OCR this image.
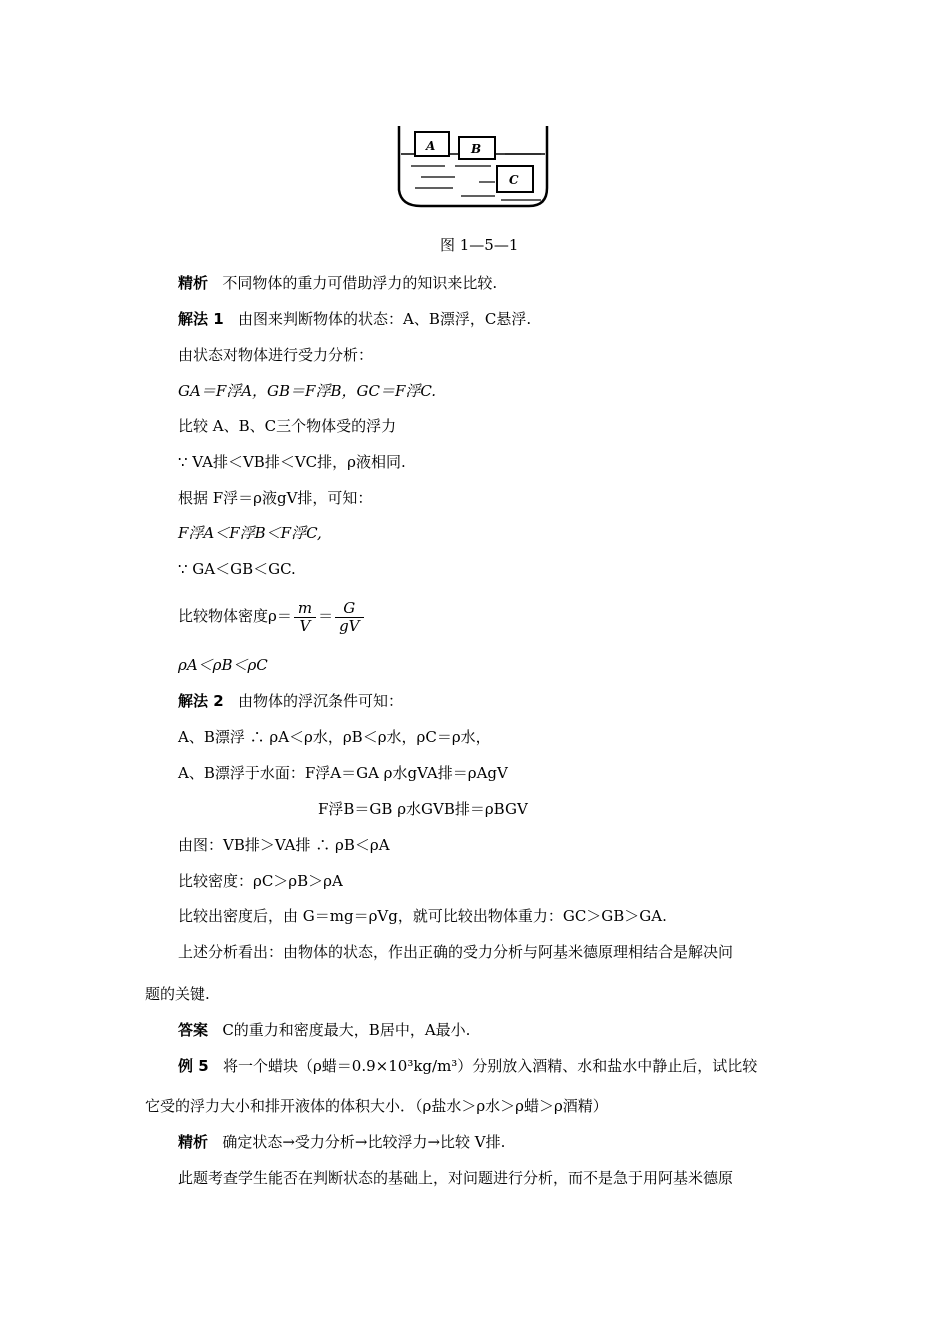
A	B
C
图 1—5—1
精析 不同物体的重力可借助浮力的知识来比较.
解法 1 由图来判断物体的状态：A、B漂浮，C悬浮.
由状态对物体进行受力分析：
GA＝F浮A，GB＝F浮B，GC＝F浮C.
比较 A、B、C三个物体受的浮力
∵ VA排＜VB排＜VC排，ρ液相同.
根据 F浮＝ρ液gV排，可知：
F浮A＜F浮B＜F浮C,
∵ GA＜GB＜GC.
比较物体密度$\rho= \frac{m}{V} = \frac{G}{gV}$
ρA＜ρB＜ρC
解法 2 由物体的浮沉条件可知：
A、B漂浮 ∴ ρA＜ρ水，ρB＜ρ水，ρC＝ρ水，
A、B漂浮于水面：F浮A＝GA ρ水gVA排＝ρAgV
F浮B＝GB ρ水GVB排＝ρBGV
由图：VB排＞VA排 ∴ ρB＜ρA
比较密度：ρC＞ρB＞ρA
比较出密度后，由 G＝mg＝ρVg，就可比较出物体重力：GC＞GB＞GA.
上述分析看出：由物体的状态，作出正确的受力分析与阿基米德原理相结合是解决问
题的关键.
答案 C的重力和密度最大，B居中，A最小.
例 5 将一个蜡块（ρ蜡＝0.9×10³kg/m³）分别放入酒精、水和盐水中静止后，试比较
它受的浮力大小和排开液体的体积大小．（ρ盐水＞ρ水＞ρ蜡＞ρ酒精）
精析 确定状态→受力分析→比较浮力→比较 V排.
此题考查学生能否在判断状态的基础上，对问题进行分析，而不是急于用阿基米德原
